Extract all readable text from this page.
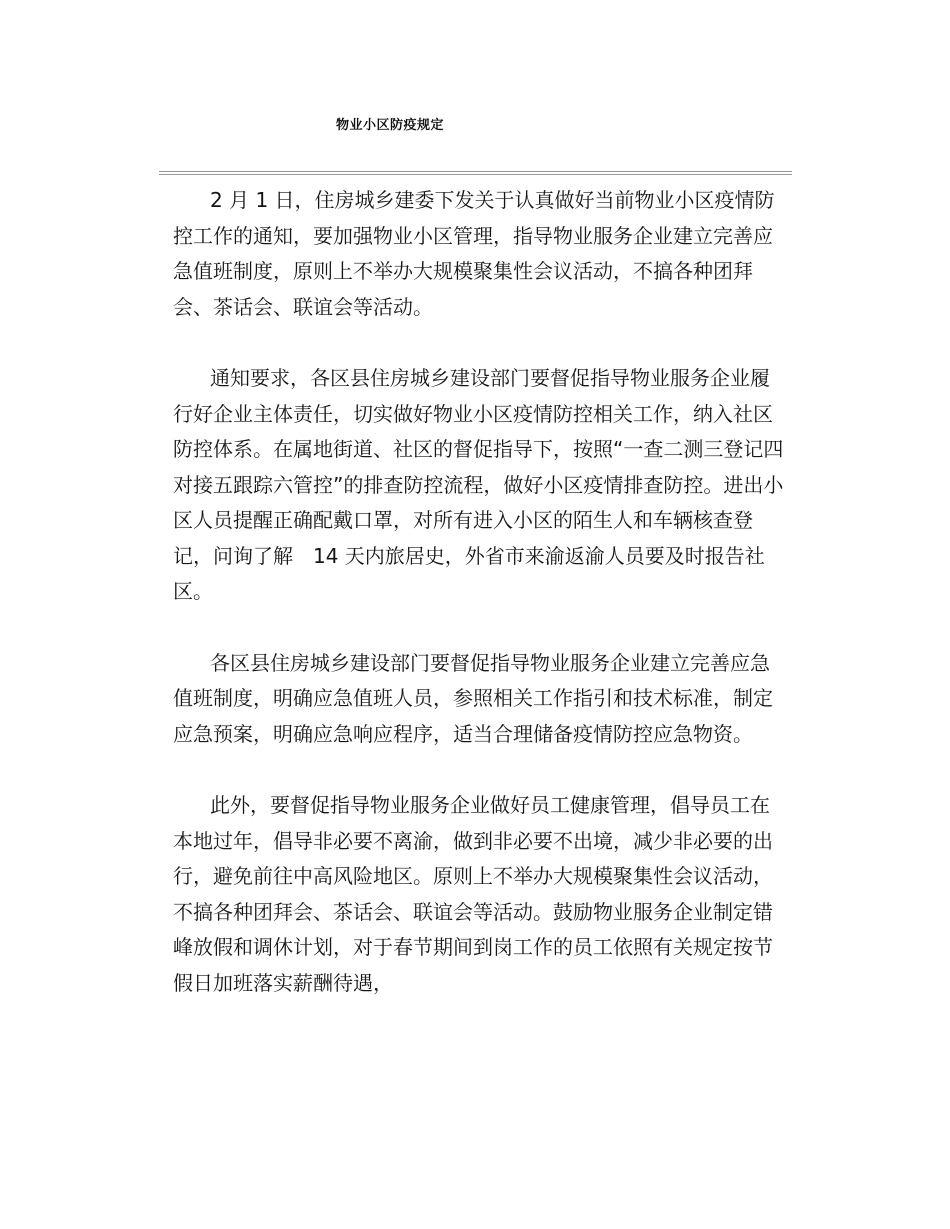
物业小区防疫规定

2 月 1 日，住房城乡建委下发关于认真做好当前物业小区疫情防控工作的通知，要加强物业小区管理，指导物业服务企业建立完善应急值班制度，原则上不举办大规模聚集性会议活动，不搞各种团拜会、茶话会、联谊会等活动。

通知要求，各区县住房城乡建设部门要督促指导物业服务企业履行好企业主体责任，切实做好物业小区疫情防控相关工作，纳入社区防控体系。在属地街道、社区的督促指导下，按照“一查二测三登记四对接五跟踪六管控”的排查防控流程，做好小区疫情排查防控。进出小区人员提醒正确配戴口罩，对所有进入小区的陌生人和车辆核查登记，问询了解　14 天内旅居史，外省市来渝返渝人员要及时报告社区。

各区县住房城乡建设部门要督促指导物业服务企业建立完善应急值班制度，明确应急值班人员，参照相关工作指引和技术标准，制定应急预案，明确应急响应程序，适当合理储备疫情防控应急物资。

此外，要督促指导物业服务企业做好员工健康管理，倡导员工在本地过年，倡导非必要不离渝，做到非必要不出境，减少非必要的出行，避免前往中高风险地区。原则上不举办大规模聚集性会议活动，不搞各种团拜会、茶话会、联谊会等活动。鼓励物业服务企业制定错峰放假和调休计划，对于春节期间到岗工作的员工依照有关规定按节假日加班落实薪酬待遇，
